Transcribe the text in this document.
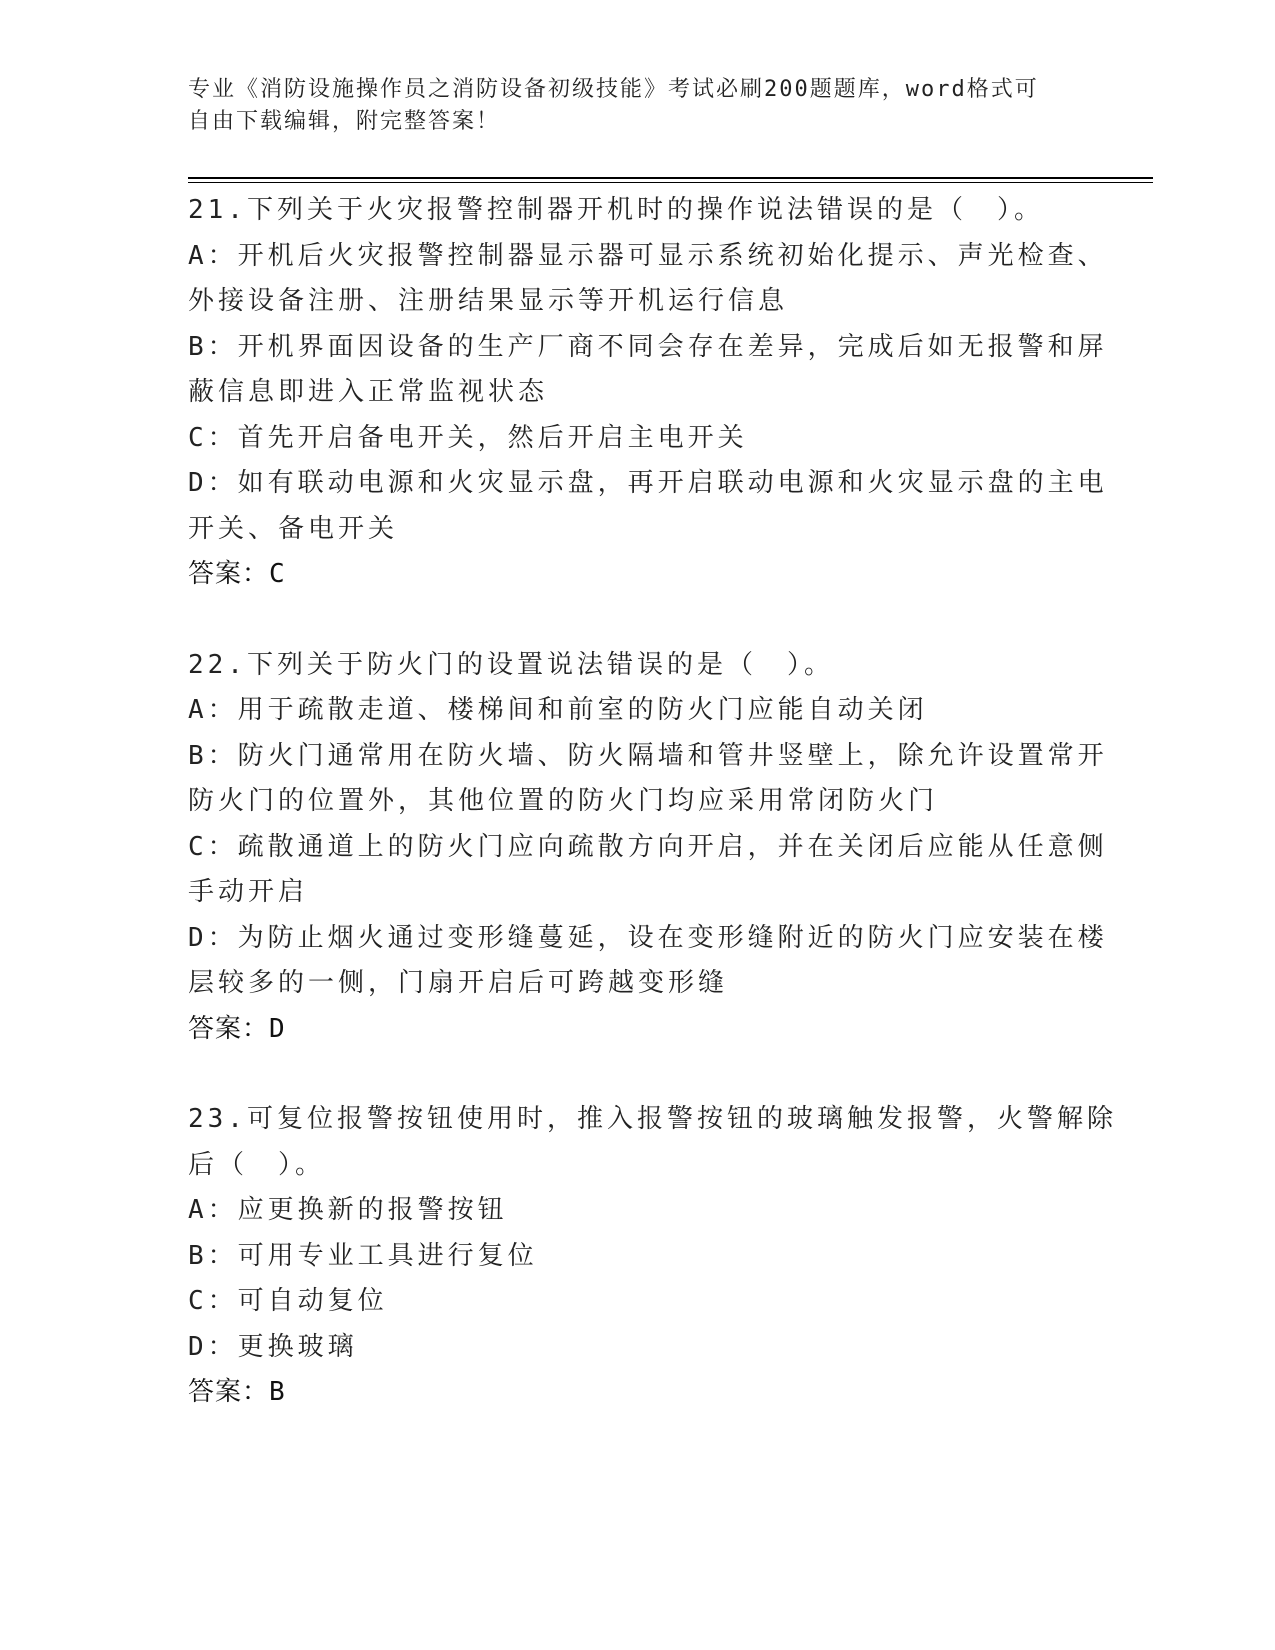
专业《消防设施操作员之消防设备初级技能》考试必刷200题题库，word格式可
自由下载编辑，附完整答案！
21.下列关于火灾报警控制器开机时的操作说法错误的是（　）。
A：开机后火灾报警控制器显示器可显示系统初始化提示、声光检查、
外接设备注册、注册结果显示等开机运行信息
B：开机界面因设备的生产厂商不同会存在差异，完成后如无报警和屏
蔽信息即进入正常监视状态
C：首先开启备电开关，然后开启主电开关
D：如有联动电源和火灾显示盘，再开启联动电源和火灾显示盘的主电
开关、备电开关
答案：C
22.下列关于防火门的设置说法错误的是（　）。
A：用于疏散走道、楼梯间和前室的防火门应能自动关闭
B：防火门通常用在防火墙、防火隔墙和管井竖壁上，除允许设置常开
防火门的位置外，其他位置的防火门均应采用常闭防火门
C：疏散通道上的防火门应向疏散方向开启，并在关闭后应能从任意侧
手动开启
D：为防止烟火通过变形缝蔓延，设在变形缝附近的防火门应安装在楼
层较多的一侧，门扇开启后可跨越变形缝
答案：D
23.可复位报警按钮使用时，推入报警按钮的玻璃触发报警，火警解除
后（　）。
A：应更换新的报警按钮
B：可用专业工具进行复位
C：可自动复位
D：更换玻璃
答案：B
